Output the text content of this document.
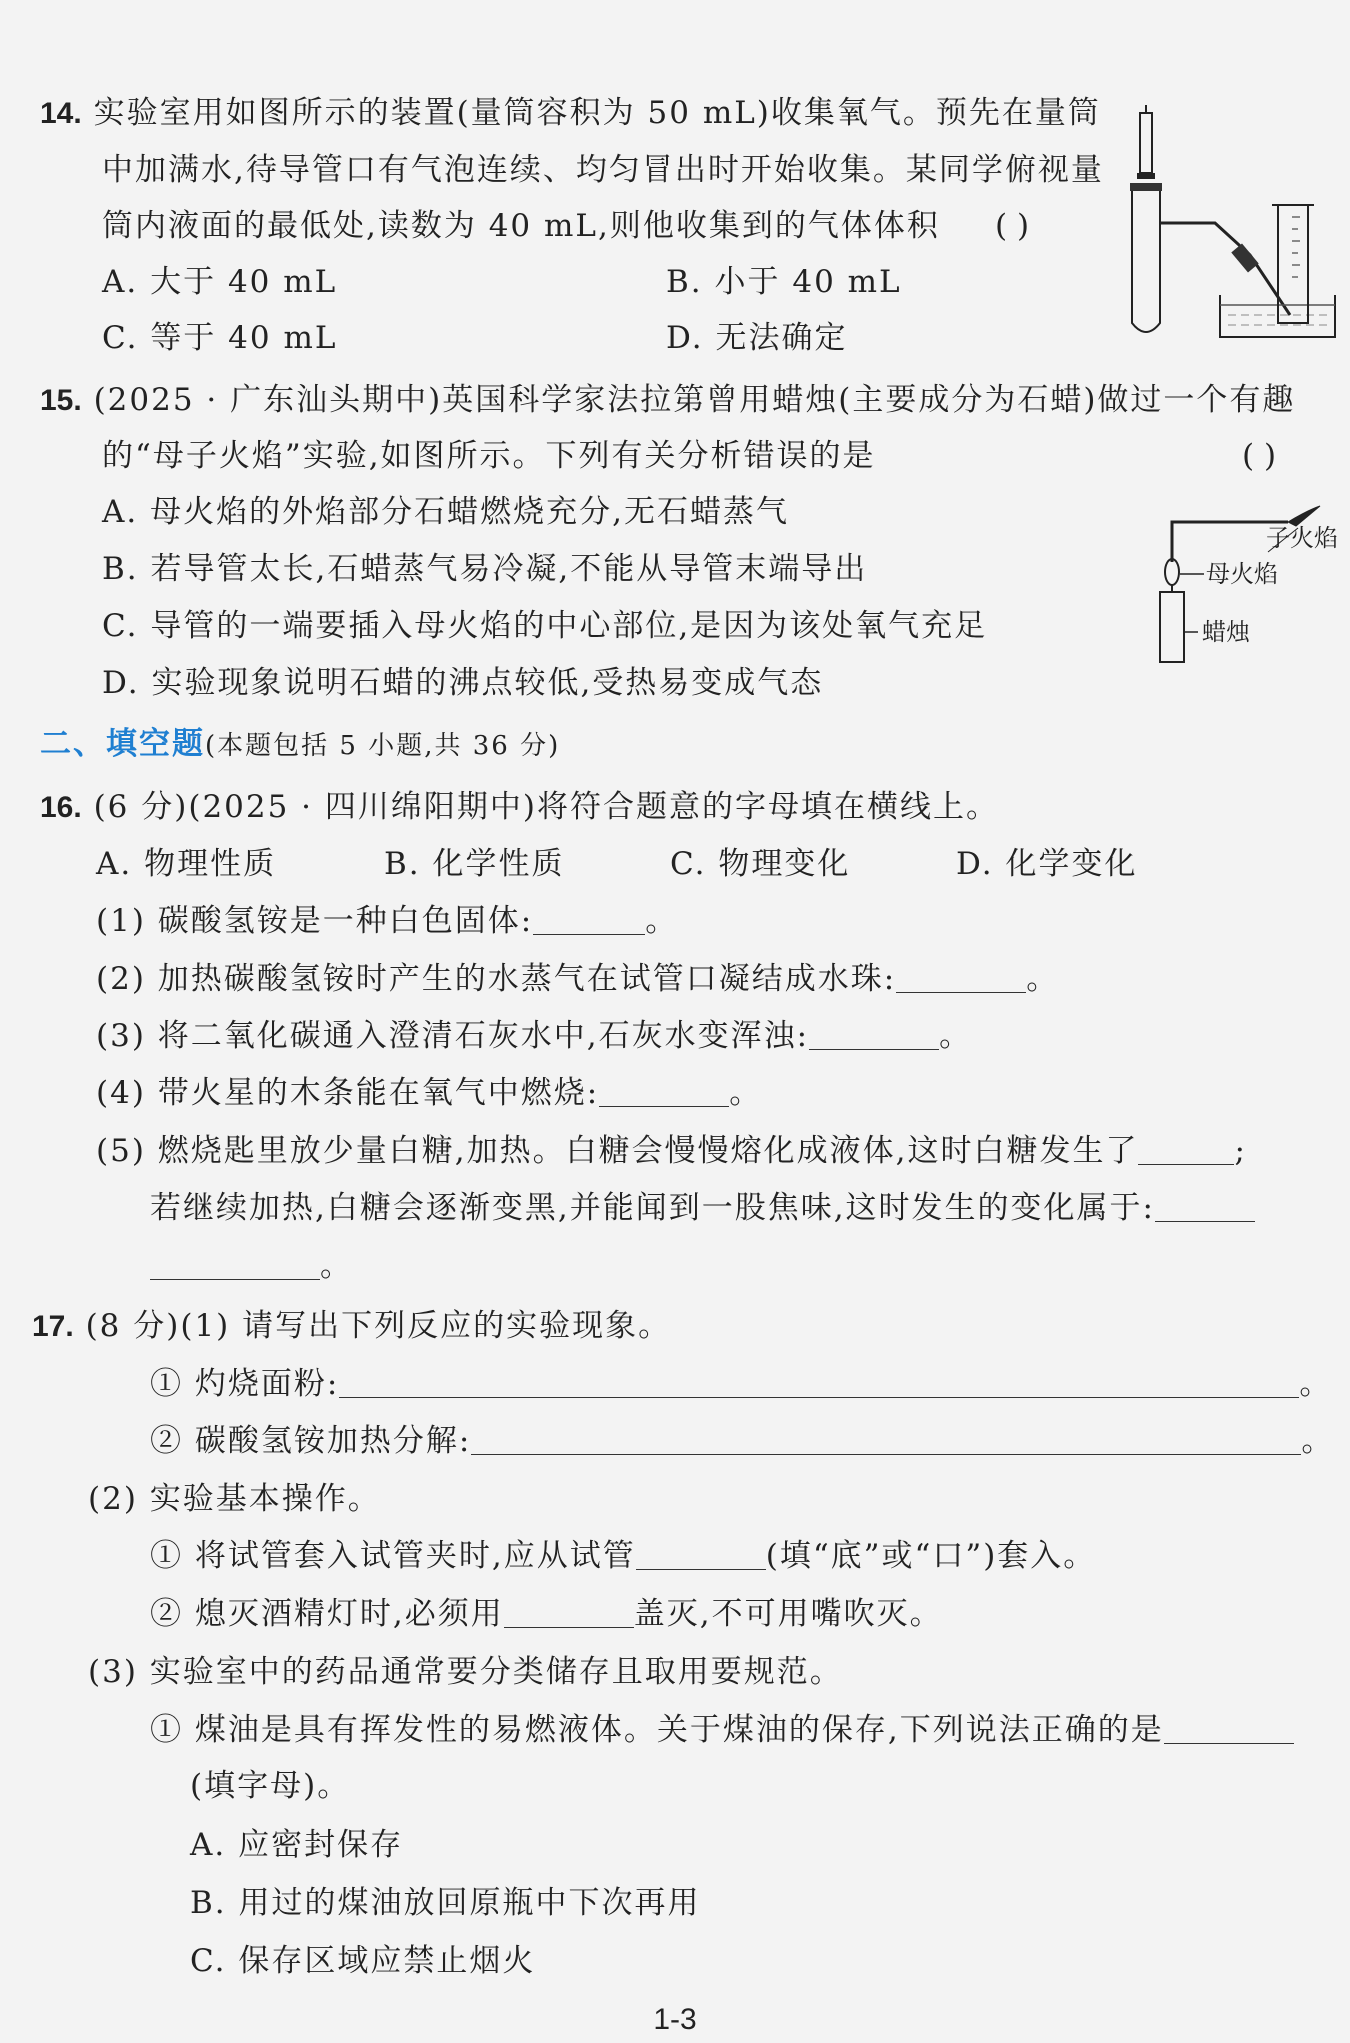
14. 实验室用如图所示的装置(量筒容积为 50 mL)收集氧气。预先在量筒
中加满水,待导管口有气泡连续、均匀冒出时开始收集。某同学俯视量
筒内液面的最低处,读数为 40 mL,则他收集到的气体体积 ( )
A. 大于 40 mL	B. 小于 40 mL
C. 等于 40 mL	D. 无法确定
15. (2025 · 广东汕头期中)英国科学家法拉第曾用蜡烛(主要成分为石蜡)做过一个有趣
的“母子火焰”实验,如图所示。下列有关分析错误的是	( )
A. 母火焰的外焰部分石蜡燃烧充分,无石蜡蒸气
B. 若导管太长,石蜡蒸气易冷凝,不能从导管末端导出
C. 导管的一端要插入母火焰的中心部位,是因为该处氧气充足
D. 实验现象说明石蜡的沸点较低,受热易变成气态
子火焰
母火焰
蜡烛
二、填空题(本题包括 5 小题,共 36 分)
16. (6 分)(2025 · 四川绵阳期中)将符合题意的字母填在横线上。
A. 物理性质	B. 化学性质	C. 物理变化	D. 化学变化
(1) 碳酸氢铵是一种白色固体:	。
(2) 加热碳酸氢铵时产生的水蒸气在试管口凝结成水珠:	。
(3) 将二氧化碳通入澄清石灰水中,石灰水变浑浊:	。
(4) 带火星的木条能在氧气中燃烧:	。
(5) 燃烧匙里放少量白糖,加热。白糖会慢慢熔化成液体,这时白糖发生了	;
若继续加热,白糖会逐渐变黑,并能闻到一股焦味,这时发生的变化属于:
。
17. (8 分)(1) 请写出下列反应的实验现象。
① 灼烧面粉:	。
② 碳酸氢铵加热分解:	。
(2) 实验基本操作。
① 将试管套入试管夹时,应从试管	(填“底”或“口”)套入。
② 熄灭酒精灯时,必须用	盖灭,不可用嘴吹灭。
(3) 实验室中的药品通常要分类储存且取用要规范。
① 煤油是具有挥发性的易燃液体。关于煤油的保存,下列说法正确的是
(填字母)。
A. 应密封保存
B. 用过的煤油放回原瓶中下次再用
C. 保存区域应禁止烟火
1-3
